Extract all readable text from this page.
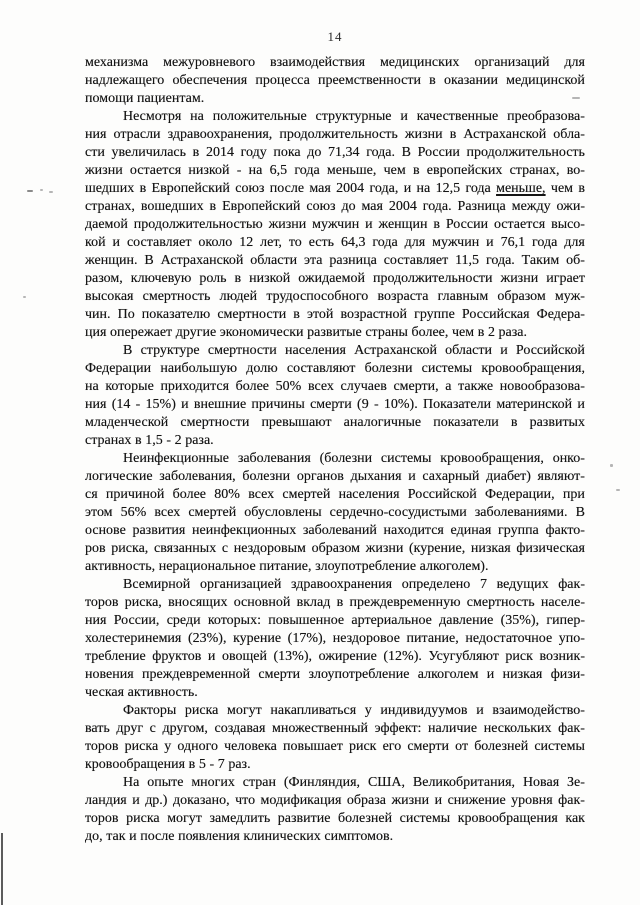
14
механизма межуровневого взаимодействия медицинских организаций для
надлежащего обеспечения процесса преемственности в оказании медицинской
помощи пациентам.
Несмотря на положительные структурные и качественные преобразова-
ния отрасли здравоохранения, продолжительность жизни в Астраханской обла-
сти увеличилась в 2014 году пока до 71,34 года. В России продолжительность
жизни остается низкой - на 6,5 года меньше, чем в европейских странах, во-
шедших в Европейский союз после мая 2004 года, и на 12,5 года меньше, чем в
странах, вошедших в Европейский союз до мая 2004 года. Разница между ожи-
даемой продолжительностью жизни мужчин и женщин в России остается высо-
кой и составляет около 12 лет, то есть 64,3 года для мужчин и 76,1 года для
женщин. В Астраханской области эта разница составляет 11,5 года. Таким об-
разом, ключевую роль в низкой ожидаемой продолжительности жизни играет
высокая смертность людей трудоспособного возраста главным образом муж-
чин. По показателю смертности в этой возрастной группе Российская Федера-
ция опережает другие экономически развитые страны более, чем в 2 раза.
В структуре смертности населения Астраханской области и Российской
Федерации наибольшую долю составляют болезни системы кровообращения,
на которые приходится более 50% всех случаев смерти, а также новообразова-
ния (14 - 15%) и внешние причины смерти (9 - 10%). Показатели материнской и
младенческой смертности превышают аналогичные показатели в развитых
странах в 1,5 - 2 раза.
Неинфекционные заболевания (болезни системы кровообращения, онко-
логические заболевания, болезни органов дыхания и сахарный диабет) являют-
ся причиной более 80% всех смертей населения Российской Федерации, при
этом 56% всех смертей обусловлены сердечно-сосудистыми заболеваниями. В
основе развития неинфекционных заболеваний находится единая группа факто-
ров риска, связанных с нездоровым образом жизни (курение, низкая физическая
активность, нерациональное питание, злоупотребление алкоголем).
Всемирной организацией здравоохранения определено 7 ведущих фак-
торов риска, вносящих основной вклад в преждевременную смертность населе-
ния России, среди которых: повышенное артериальное давление (35%), гипер-
холестеринемия (23%), курение (17%), нездоровое питание, недостаточное упо-
требление фруктов и овощей (13%), ожирение (12%). Усугубляют риск возник-
новения преждевременной смерти злоупотребление алкоголем и низкая физи-
ческая активность.
Факторы риска могут накапливаться у индивидуумов и взаимодейство-
вать друг с другом, создавая множественный эффект: наличие нескольких фак-
торов риска у одного человека повышает риск его смерти от болезней системы
кровообращения в 5 - 7 раз.
На опыте многих стран (Финляндия, США, Великобритания, Новая Зе-
ландия и др.) доказано, что модификация образа жизни и снижение уровня фак-
торов риска могут замедлить развитие болезней системы кровообращения как
до, так и после появления клинических симптомов.
